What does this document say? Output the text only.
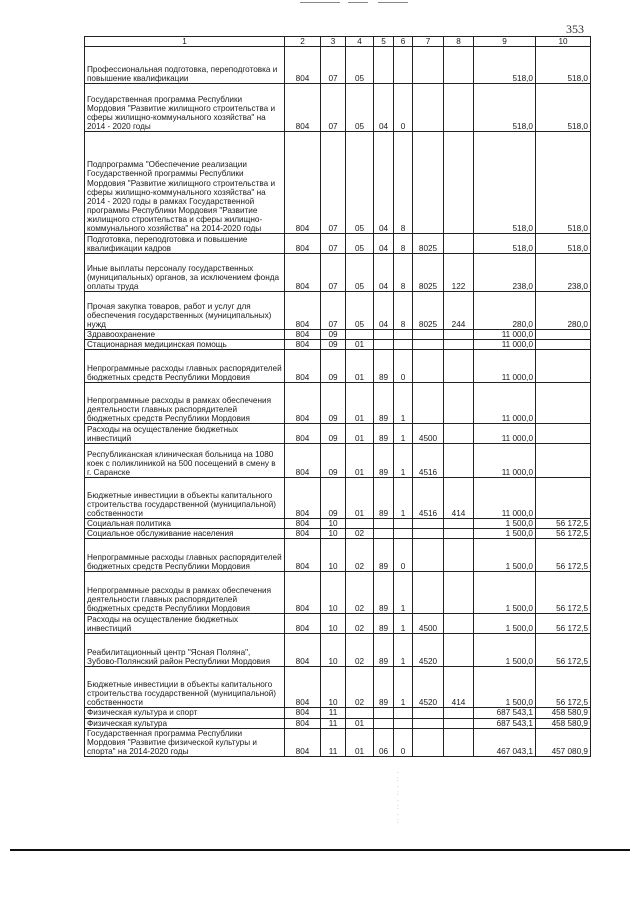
353
1	2	3	4	5	6	7	8	9	10
Профессиональная подготовка, переподготовка и повышение квалификации	804	07	05					518,0	518,0
Государственная программа Республики Мордовия "Развитие жилищного строительства и сферы жилищно-коммунального хозяйства" на 2014 - 2020 годы	804	07	05	04	0			518,0	518,0
Подпрограмма "Обеспечение реализации Государственной программы Республики Мордовия "Развитие жилищного строительства и сферы жилищно-коммунального хозяйства" на 2014 - 2020 годы в рамках Государственной программы Республики Мордовия "Развитие жилищного строительства и сферы жилищно-коммунального хозяйства" на 2014-2020 годы	804	07	05	04	8			518,0	518,0
Подготовка, переподготовка и повышение квалификации кадров	804	07	05	04	8	8025		518,0	518,0
Иные выплаты персоналу государственных (муниципальных) органов, за исключением фонда оплаты труда	804	07	05	04	8	8025	122	238,0	238,0
Прочая закупка товаров, работ и услуг для обеспечения государственных (муниципальных) нужд	804	07	05	04	8	8025	244	280,0	280,0
Здравоохранение	804	09						11 000,0	
Стационарная медицинская помощь	804	09	01					11 000,0	
Непрограммные расходы главных распорядителей бюджетных средств Республики Мордовия	804	09	01	89	0			11 000,0	
Непрограммные расходы в рамках обеспечения деятельности главных распорядителей бюджетных средств Республики Мордовия	804	09	01	89	1			11 000,0	
Расходы на осуществление бюджетных инвестиций	804	09	01	89	1	4500		11 000,0	
Республиканская клиническая больница на 1080 коек с поликлиникой на 500 посещений в смену в г. Саранске	804	09	01	89	1	4516		11 000,0	
Бюджетные инвестиции в объекты капитального строительства государственной (муниципальной) собственности	804	09	01	89	1	4516	414	11 000,0	
Социальная политика	804	10						1 500,0	56 172,5
Социальное обслуживание населения	804	10	02					1 500,0	56 172,5
Непрограммные расходы главных распорядителей бюджетных средств Республики Мордовия	804	10	02	89	0			1 500,0	56 172,5
Непрограммные расходы в рамках обеспечения деятельности главных распорядителей бюджетных средств Республики Мордовия	804	10	02	89	1			1 500,0	56 172,5
Расходы на осуществление бюджетных инвестиций	804	10	02	89	1	4500		1 500,0	56 172,5
Реабилитационный центр "Ясная Поляна", Зубово-Полянский район Республики Мордовия	804	10	02	89	1	4520		1 500,0	56 172,5
Бюджетные инвестиции в объекты капитального строительства государственной (муниципальной) собственности	804	10	02	89	1	4520	414	1 500,0	56 172,5
Физическая культура и спорт	804	11						687 543,1	458 580,9
Физическая культура	804	11	01					687 543,1	458 580,9
Государственная программа Республики Мордовия "Развитие физической культуры и спорта" на 2014-2020 годы	804	11	01	06	0			467 043,1	457 080,9
·
:
·
:
·
:
·
:
